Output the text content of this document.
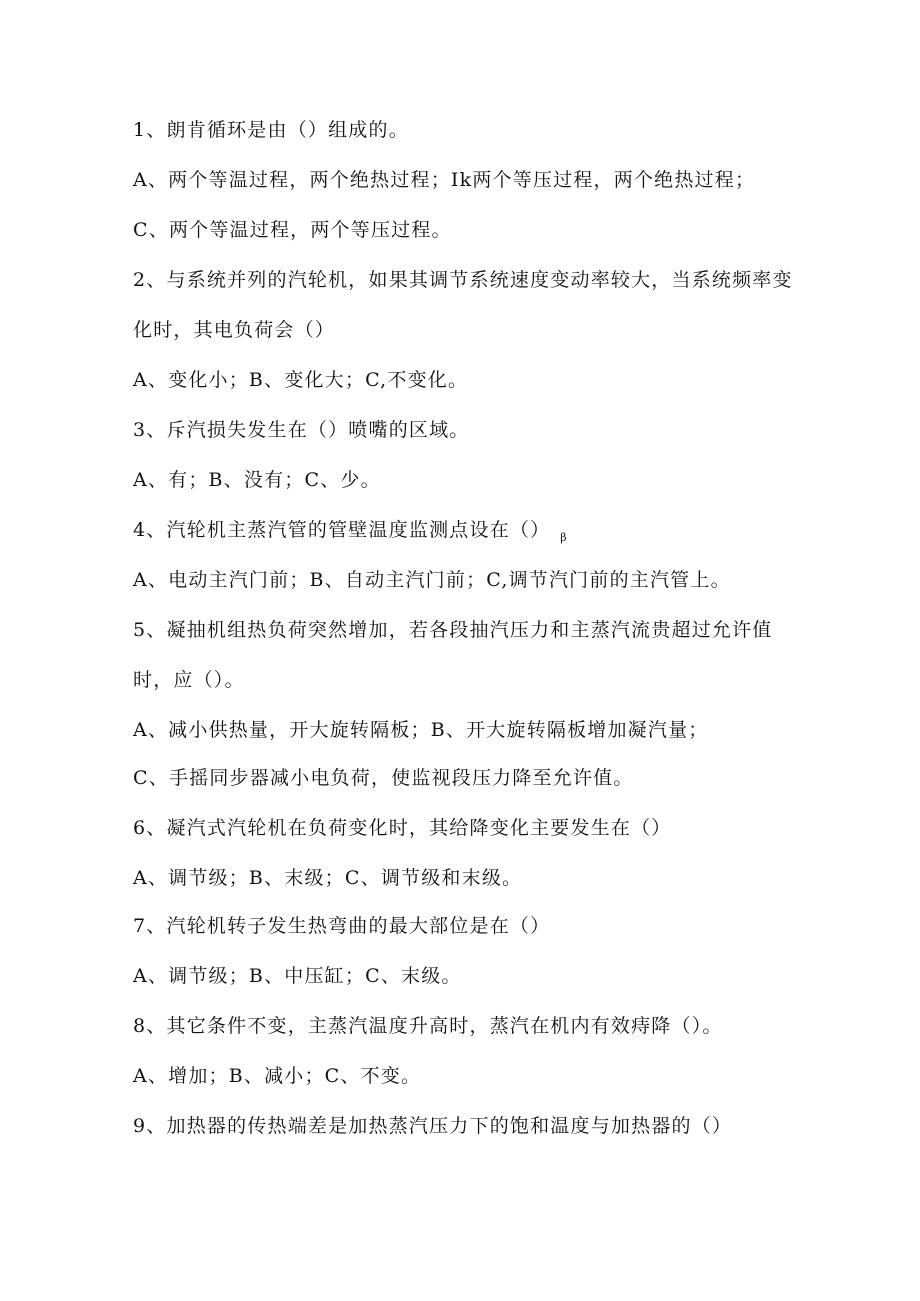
1、朗肯循环是由（）组成的。
A、两个等温过程，两个绝热过程；Ik两个等压过程，两个绝热过程；
C、两个等温过程，两个等压过程。
2、与系统并列的汽轮机，如果其调节系统速度变动率较大，当系统频率变
化时，其电负荷会（）
A、变化小；B、变化大；C,不变化。
3、斥汽损失发生在（）喷嘴的区域。
A、有；B、没有；C、少。
4、汽轮机主蒸汽管的管壁温度监测点设在（） $_\beta$
A、电动主汽门前；B、自动主汽门前；C,调节汽门前的主汽管上。
5、凝抽机组热负荷突然增加，若各段抽汽压力和主蒸汽流贵超过允许值
时，应（）。
A、减小供热量，开大旋转隔板；B、开大旋转隔板增加凝汽量；
C、手摇同步器减小电负荷，使监视段压力降至允许值。
6、凝汽式汽轮机在负荷变化时，其给降变化主要发生在（）
A、调节级；B、末级；C、调节级和末级。
7、汽轮机转子发生热弯曲的最大部位是在（）
A、调节级；B、中压缸；C、末级。
8、其它条件不变，主蒸汽温度升高时，蒸汽在机内有效痔降（）。
A、增加；B、减小；C、不变。
9、加热器的传热端差是加热蒸汽压力下的饱和温度与加热器的（）
